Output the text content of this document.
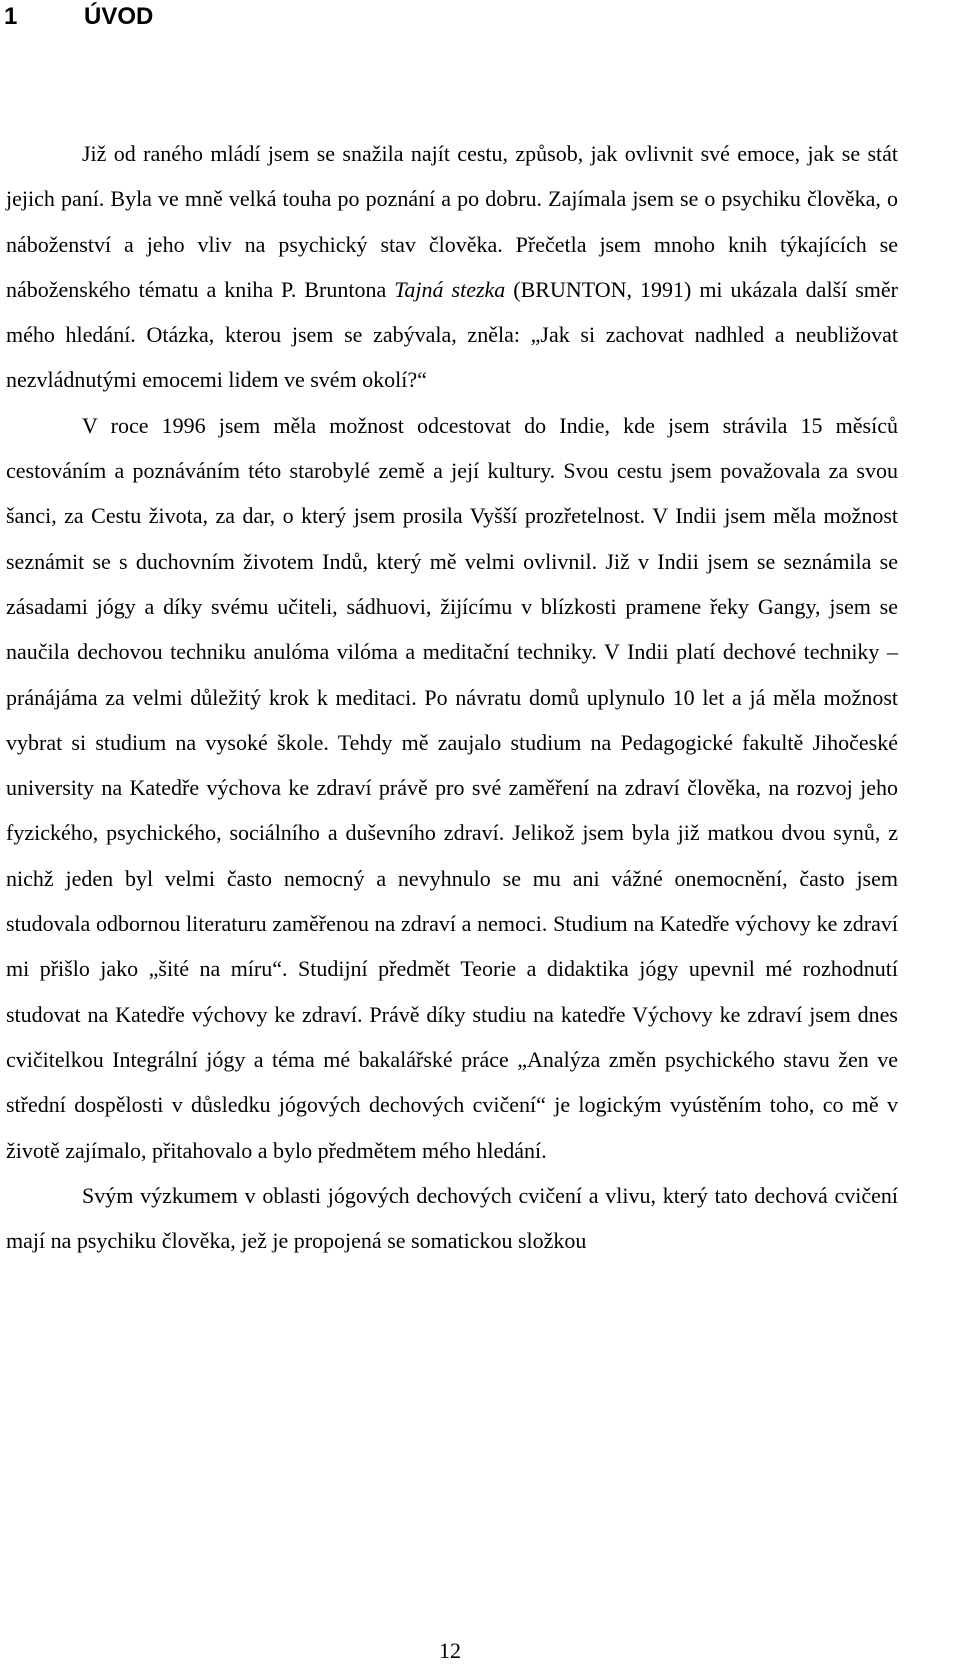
1	ÚVOD

Již od raného mládí jsem se snažila najít cestu, způsob, jak ovlivnit své emoce, jak se stát jejich paní. Byla ve mně velká touha po poznání a po dobru. Zajímala jsem se o psychiku člověka, o náboženství a jeho vliv na psychický stav člověka. Přečetla jsem mnoho knih týkajících se náboženského tématu a kniha P. Bruntona Tajná stezka (BRUNTON, 1991) mi ukázala další směr mého hledání. Otázka, kterou jsem se zabývala, zněla: „Jak si zachovat nadhled a neubližovat nezvládnutými emocemi lidem ve svém okolí?“

V roce 1996 jsem měla možnost odcestovat do Indie, kde jsem strávila 15 měsíců cestováním a poznáváním této starobylé země a její kultury. Svou cestu jsem považovala za svou šanci, za Cestu života, za dar, o který jsem prosila Vyšší prozřetelnost. V Indii jsem měla možnost seznámit se s duchovním životem Indů, který mě velmi ovlivnil. Již v Indii jsem se seznámila se zásadami jógy a díky svému učiteli, sádhuovi, žijícímu v blízkosti pramene řeky Gangy, jsem se naučila dechovou techniku anulóma vilóma a meditační techniky. V Indii platí dechové techniky – pránájáma za velmi důležitý krok k meditaci. Po návratu domů uplynulo 10 let a já měla možnost vybrat si studium na vysoké škole. Tehdy mě zaujalo studium na Pedagogické fakultě Jihočeské university na Katedře výchova ke zdraví právě pro své zaměření na zdraví člověka, na rozvoj jeho fyzického, psychického, sociálního a duševního zdraví. Jelikož jsem byla již matkou dvou synů, z nichž jeden byl velmi často nemocný a nevyhnulo se mu ani vážné onemocnění, často jsem studovala odbornou literaturu zaměřenou na zdraví a nemoci. Studium na Katedře výchovy ke zdraví mi přišlo jako „šité na míru“. Studijní předmět Teorie a didaktika jógy upevnil mé rozhodnutí studovat na Katedře výchovy ke zdraví. Právě díky studiu na katedře Výchovy ke zdraví jsem dnes cvičitelkou Integrální jógy a téma mé bakalářské práce „Analýza změn psychického stavu žen ve střední dospělosti v důsledku jógových dechových cvičení“ je logickým vyústěním toho, co mě v životě zajímalo, přitahovalo a bylo předmětem mého hledání.

Svým výzkumem v oblasti jógových dechových cvičení a vlivu, který tato dechová cvičení mají na psychiku člověka, jež je propojená se somatickou složkou

12
